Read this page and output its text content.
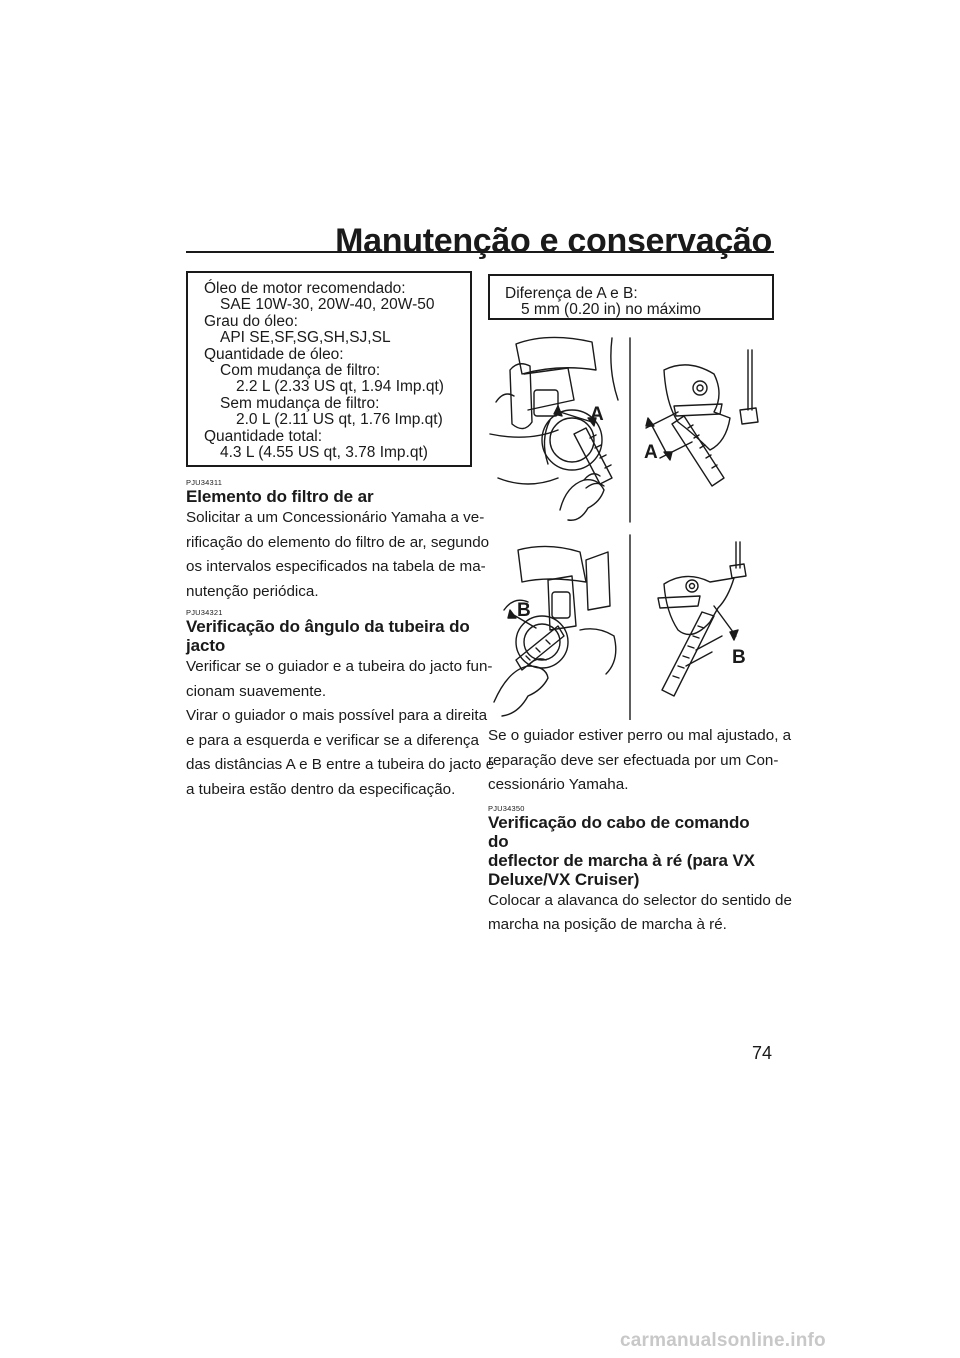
Manutenção e conservação
Óleo de motor recomendado:
SAE 10W-30, 20W-40, 20W-50
Grau do óleo:
API SE,SF,SG,SH,SJ,SL
Quantidade de óleo:
Com mudança de filtro:
2.2 L (2.33 US qt, 1.94 Imp.qt)
Sem mudança de filtro:
2.0 L (2.11 US qt, 1.76 Imp.qt)
Quantidade total:
4.3 L (4.55 US qt, 3.78 Imp.qt)
PJU34311
Elemento do filtro de ar
Solicitar a um Concessionário Yamaha a ve-
rificação do elemento do filtro de ar, segundo
os intervalos especificados na tabela de ma-
nutenção periódica.
PJU34321
Verificação do ângulo da tubeira do
jacto
Verificar se o guiador e a tubeira do jacto fun-
cionam suavemente.
Virar o guiador o mais possível para a direita
e para a esquerda e verificar se a diferença
das distâncias A e B entre a tubeira do jacto e
a tubeira estão dentro da especificação.
Diferença de A e B:
5 mm (0.20 in) no máximo
A
A
B
B
Se o guiador estiver perro ou mal ajustado, a
reparação deve ser efectuada por um Con-
cessionário Yamaha.
PJU34350
Verificação do cabo de comando do
deflector de marcha à ré (para VX
Deluxe/VX Cruiser)
Colocar a alavanca do selector do sentido de
marcha na posição de marcha à ré.
74
carmanualsonline.info
